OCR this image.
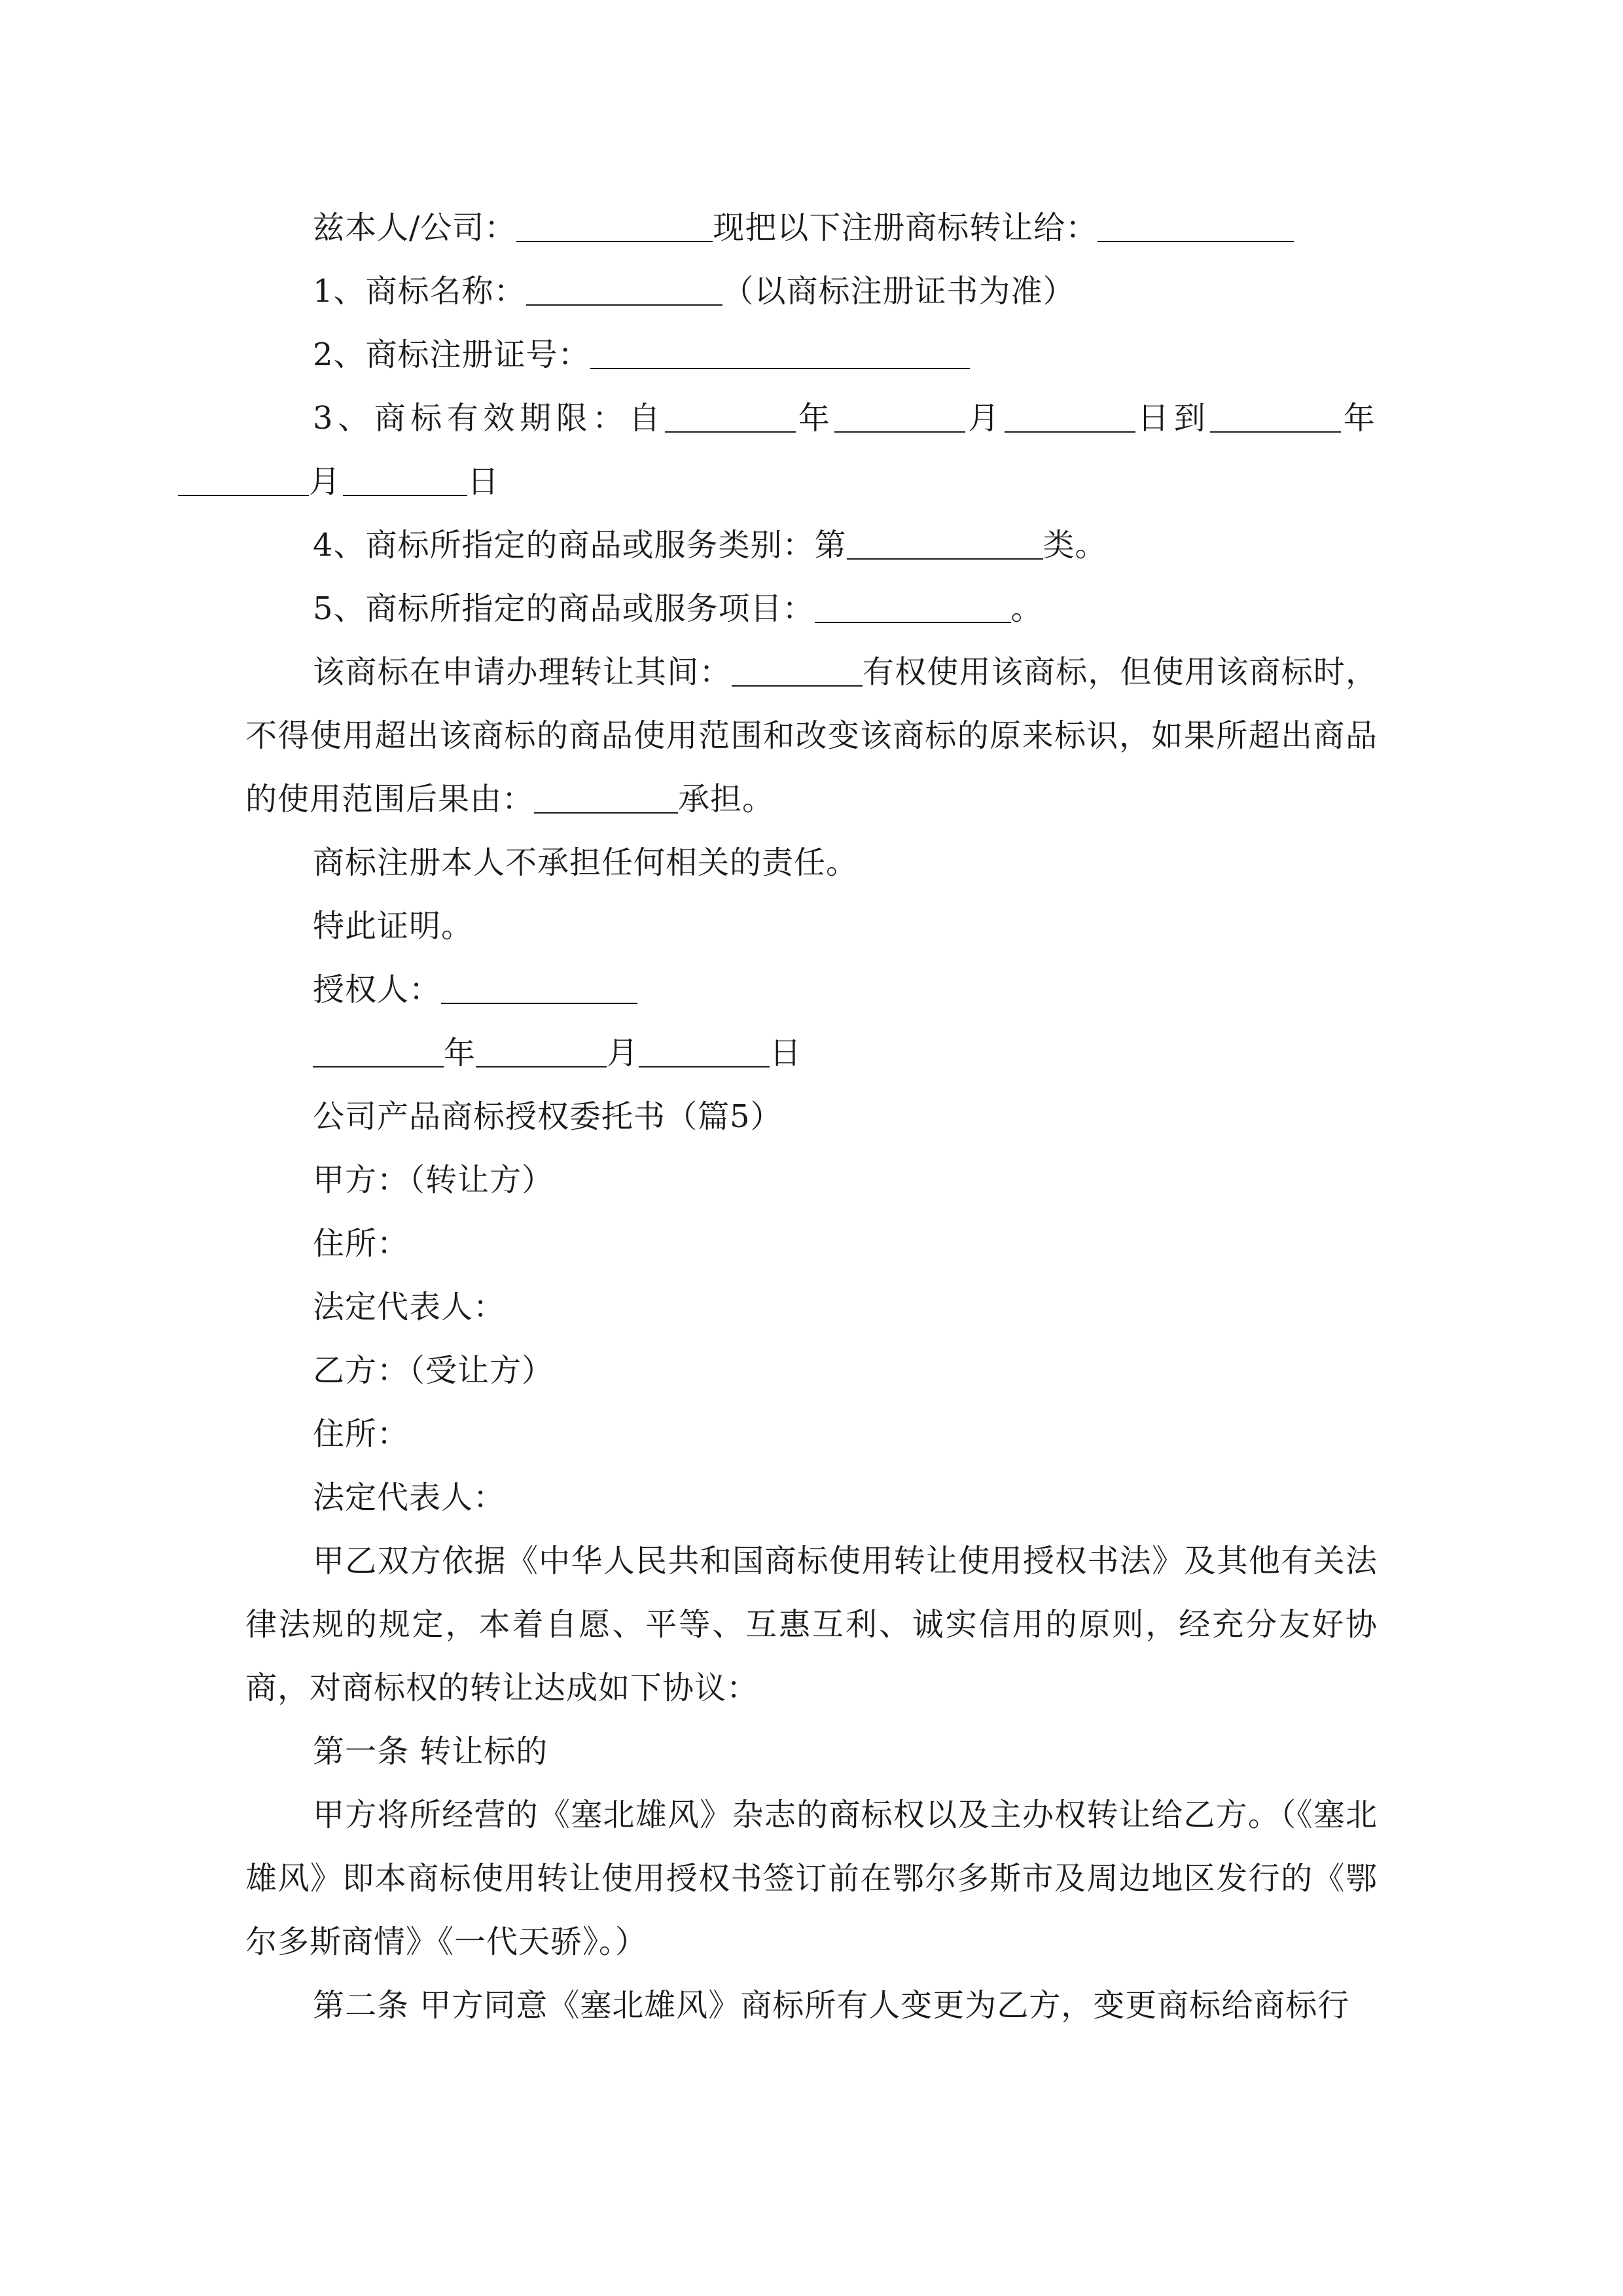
兹本人/公司：	现把以下注册商标转让给：

1、商标名称：	（以商标注册证书为准）

2、商标注册证号：

3、商标有效期限：自	年	月	日到	年月	日

4、商标所指定的商品或服务类别：第	类。

5、商标所指定的商品或服务项目：	。

该商标在申请办理转让其间：	有权使用该商标，但使用该商标时，不得使用超出该商标的商品使用范围和改变该商标的原来标识，如果所超出商品的使用范围后果由：	承担。

商标注册本人不承担任何相关的责任。

特此证明。

授权人：

年	月	日

公司产品商标授权委托书（篇5）

甲方：（转让方）

住所：

法定代表人：

乙方：（受让方）

住所：

法定代表人：

甲乙双方依据《中华人民共和国商标使用转让使用授权书法》及其他有关法律法规的规定，本着自愿、平等、互惠互利、诚实信用的原则，经充分友好协商，对商标权的转让达成如下协议：

第一条 转让标的

甲方将所经营的《塞北雄风》杂志的商标权以及主办权转让给乙方。（《塞北雄风》即本商标使用转让使用授权书签订前在鄂尔多斯市及周边地区发行的《鄂尔多斯商情》《一代天骄》。）

第二条 甲方同意《塞北雄风》商标所有人变更为乙方，变更商标给商标行
